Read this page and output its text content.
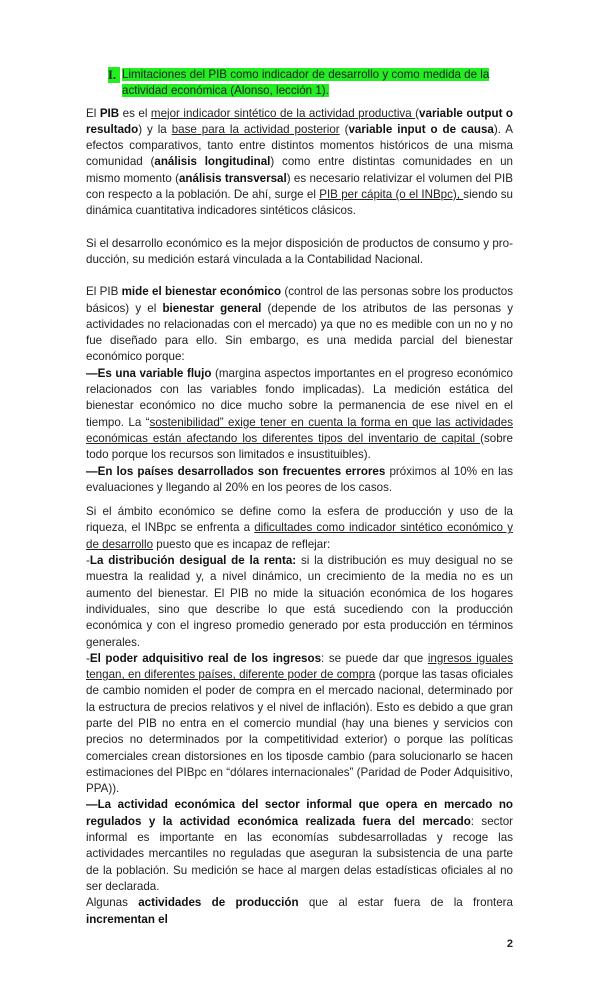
I. Limitaciones del PIB como indicador de desarrollo y como medida de la actividad económica (Alonso, lección 1).
El PIB es el mejor indicador sintético de la actividad productiva (variable output o resultado) y la base para la actividad posterior (variable input o de causa). A efectos comparativos, tanto entre distintos momentos históricos de una misma comunidad (análisis longitudinal) como entre distintas comunidades en un mismo momento (análisis transversal) es necesario relativizar el volumen del PIB con respecto a la población. De ahí, surge el PIB per cápita (o el INBpc), siendo su dinámica cuantitativa indicadores sintéticos clásicos.
Si el desarrollo económico es la mejor disposición de productos de consumo y producción, su medición estará vinculada a la Contabilidad Nacional.
El PIB mide el bienestar económico (control de las personas sobre los productos básicos) y el bienestar general (depende de los atributos de las personas y actividades no relacionadas con el mercado) ya que no es medible con un no y no fue diseñado para ello. Sin embargo, es una medida parcial del bienestar económico porque:
—Es una variable flujo (margina aspectos importantes en el progreso económico relacionados con las variables fondo implicadas). La medición estática del bienestar económico no dice mucho sobre la permanencia de ese nivel en el tiempo. La “sostenibilidad” exige tener en cuenta la forma en que las actividades económicas están afectando los diferentes tipos del inventario de capital (sobre todo porque los recursos son limitados e insustituibles).
—En los países desarrollados son frecuentes errores próximos al 10% en las evaluaciones y llegando al 20% en los peores de los casos.
Si el ámbito económico se define como la esfera de producción y uso de la riqueza, el INBpc se enfrenta a dificultades como indicador sintético económico y de desarrollo puesto que es incapaz de reflejar:
-La distribución desigual de la renta: si la distribución es muy desigual no se muestra la realidad y, a nivel dinámico, un crecimiento de la media no es un aumento del bienestar. El PIB no mide la situación económica de los hogares individuales, sino que describe lo que está sucediendo con la producción económica y con el ingreso promedio generado por esta producción en términos generales.
-El poder adquisitivo real de los ingresos: se puede dar que ingresos iguales tengan, en diferentes países, diferente poder de compra (porque las tasas oficiales de cambio nomiden el poder de compra en el mercado nacional, determinado por la estructura de precios relativos y el nivel de inflación). Esto es debido a que gran parte del PIB no entra en el comercio mundial (hay una bienes y servicios con precios no determinados por la competitividad exterior) o porque las políticas comerciales crean distorsiones en los tiposde cambio (para solucionarlo se hacen estimaciones del PIBpc en “dólares internacionales” (Paridad de Poder Adquisitivo, PPA)).
—La actividad económica del sector informal que opera en mercado no regulados y la actividad económica realizada fuera del mercado: sector informal es importante en las economías subdesarrolladas y recoge las actividades mercantiles no reguladas que aseguran la subsistencia de una parte de la población. Su medición se hace al margen delas estadísticas oficiales al no ser declarada.
Algunas actividades de producción que al estar fuera de la frontera incrementan el
2
